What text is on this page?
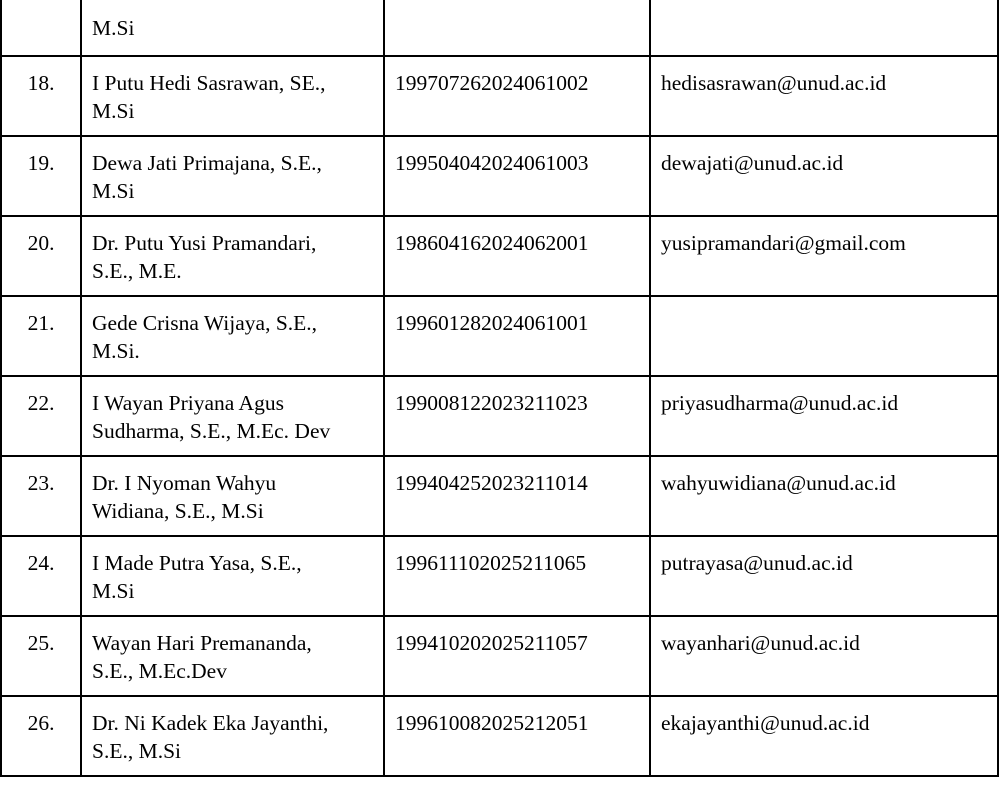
	M.Si		
18.	I Putu Hedi Sasrawan, SE.,
M.Si	199707262024061002	hedisasrawan@unud.ac.id
19.	Dewa Jati Primajana, S.E.,
M.Si	199504042024061003	dewajati@unud.ac.id
20.	Dr. Putu Yusi Pramandari,
S.E., M.E.	198604162024062001	yusipramandari@gmail.com
21.	Gede Crisna Wijaya, S.E.,
M.Si.	199601282024061001	
22.	I Wayan Priyana Agus
Sudharma, S.E., M.Ec. Dev	199008122023211023	priyasudharma@unud.ac.id
23.	Dr. I Nyoman Wahyu
Widiana, S.E., M.Si	199404252023211014	wahyuwidiana@unud.ac.id
24.	I Made Putra Yasa, S.E.,
M.Si	199611102025211065	putrayasa@unud.ac.id
25.	Wayan Hari Premananda,
S.E., M.Ec.Dev	199410202025211057	wayanhari@unud.ac.id
26.	Dr. Ni Kadek Eka Jayanthi,
S.E., M.Si	199610082025212051	ekajayanthi@unud.ac.id
